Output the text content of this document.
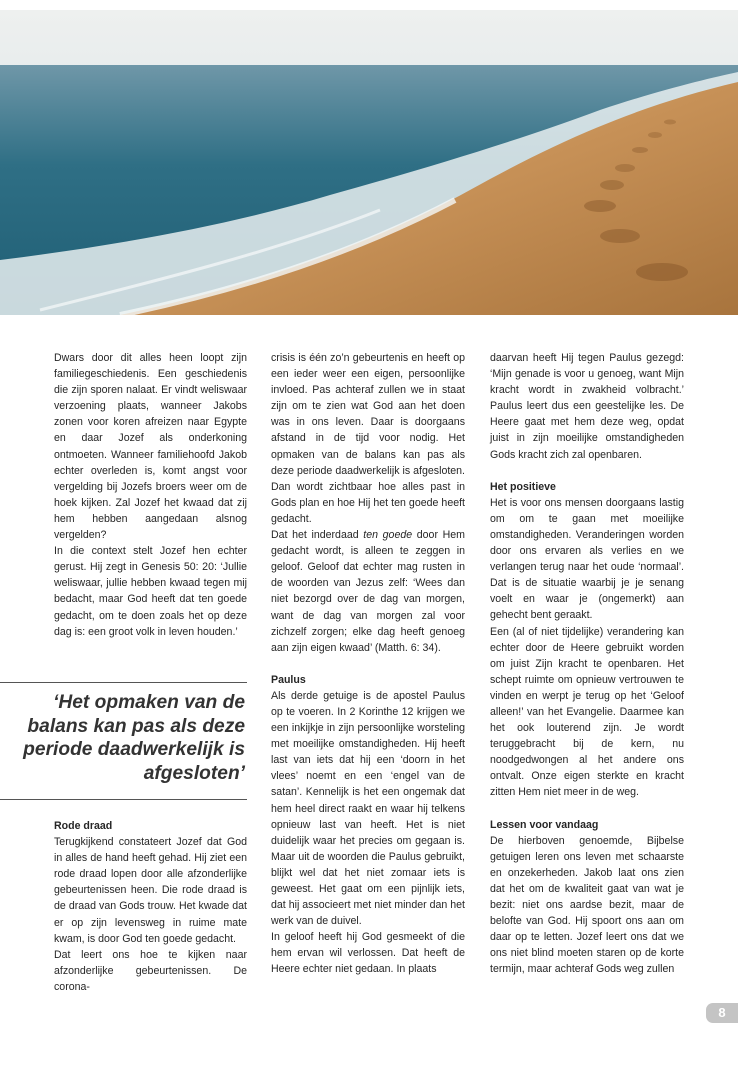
Dwars door dit alles heen loopt zijn familiegeschiedenis. Een geschiedenis die zijn sporen nalaat. Er vindt weliswaar verzoening plaats, wanneer Jakobs zonen voor koren afreizen naar Egypte en daar Jozef als onderkoning ontmoeten. Wanneer familiehoofd Jakob echter overleden is, komt angst voor vergelding bij Jozefs broers weer om de hoek kijken. Zal Jozef het kwaad dat zij hem hebben aangedaan alsnog vergelden?

In die context stelt Jozef hen echter gerust. Hij zegt in Genesis 50: 20: ‘Jullie weliswaar, jullie hebben kwaad tegen mij bedacht, maar God heeft dat ten goede gedacht, om te doen zoals het op deze dag is: een groot volk in leven houden.’

‘Het opmaken van de balans kan pas als deze periode daadwerkelijk is afgesloten’
Rode draad

Terugkijkend constateert Jozef dat God in alles de hand heeft gehad. Hij ziet een rode draad lopen door alle afzonderlijke gebeurtenissen heen. Die rode draad is de draad van Gods trouw. Het kwade dat er op zijn levensweg in ruime mate kwam, is door God ten goede gedacht.

Dat leert ons hoe te kijken naar afzonderlijke gebeurtenissen. De corona-

crisis is één zo’n gebeurtenis en heeft op een ieder weer een eigen, persoonlijke invloed. Pas achteraf zullen we in staat zijn om te zien wat God aan het doen was in ons leven. Daar is doorgaans afstand in de tijd voor nodig. Het opmaken van de balans kan pas als deze periode daadwerkelijk is afgesloten. Dan wordt zichtbaar hoe alles past in Gods plan en hoe Hij het ten goede heeft gedacht.

Dat het inderdaad ten goede door Hem gedacht wordt, is alleen te zeggen in geloof. Geloof dat echter mag rusten in de woorden van Jezus zelf: ‘Wees dan niet bezorgd over de dag van morgen, want de dag van morgen zal voor zichzelf zorgen; elke dag heeft genoeg aan zijn eigen kwaad’ (Matth. 6: 34).

Paulus

Als derde getuige is de apostel Paulus op te voeren. In 2 Korinthe 12 krijgen we een inkijkje in zijn persoonlijke worsteling met moeilijke omstandigheden. Hij heeft last van iets dat hij een ‘doorn in het vlees’ noemt en een ‘engel van de satan’. Kennelijk is het een ongemak dat hem heel direct raakt en waar hij telkens opnieuw last van heeft. Het is niet duidelijk waar het precies om gegaan is. Maar uit de woorden die Paulus gebruikt, blijkt wel dat het niet zomaar iets is geweest. Het gaat om een pijnlijk iets, dat hij associeert met niet minder dan het werk van de duivel.

In geloof heeft hij God gesmeekt of die hem ervan wil verlossen. Dat heeft de Heere echter niet gedaan. In plaats

daarvan heeft Hij tegen Paulus gezegd: ‘Mijn genade is voor u genoeg, want Mijn kracht wordt in zwakheid volbracht.’ Paulus leert dus een geestelijke les. De Heere gaat met hem deze weg, opdat juist in zijn moeilijke omstandigheden Gods kracht zich zal openbaren.

Het positieve

Het is voor ons mensen doorgaans lastig om om te gaan met moeilijke omstandigheden. Veranderingen worden door ons ervaren als verlies en we verlangen terug naar het oude ‘normaal’. Dat is de situatie waarbij je je senang voelt en waar je (ongemerkt) aan gehecht bent geraakt.

Een (al of niet tijdelijke) verandering kan echter door de Heere gebruikt worden om juist Zijn kracht te openbaren. Het schept ruimte om opnieuw vertrouwen te vinden en werpt je terug op het ‘Geloof alleen!’ van het Evangelie. Daarmee kan het ook louterend zijn. Je wordt teruggebracht bij de kern, nu noodgedwongen al het andere ons ontvalt. Onze eigen sterkte en kracht zitten Hem niet meer in de weg.

Lessen voor vandaag

De hierboven genoemde, Bijbelse getuigen leren ons leven met schaarste en onzekerheden. Jakob laat ons zien dat het om de kwaliteit gaat van wat je bezit: niet ons aardse bezit, maar de belofte van God. Hij spoort ons aan om daar op te letten. Jozef leert ons dat we ons niet blind moeten staren op de korte termijn, maar achteraf Gods weg zullen

8
